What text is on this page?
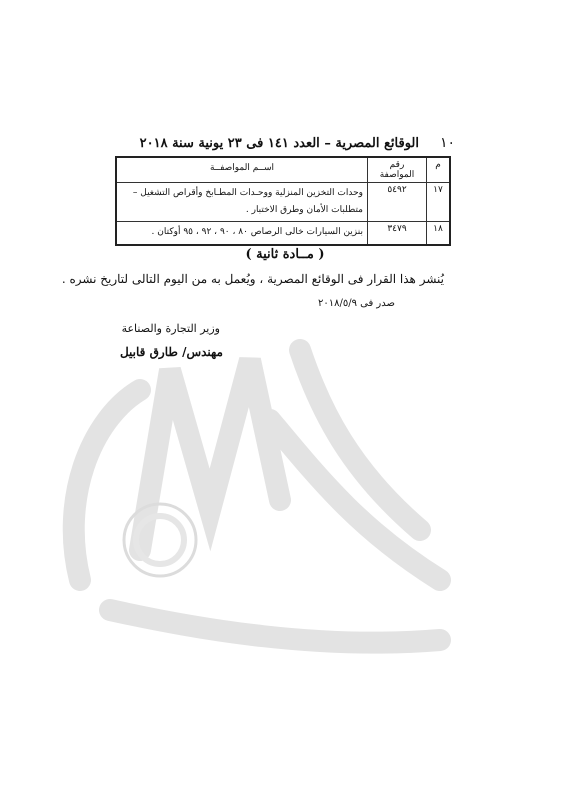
١٠
الوقائع المصرية – العدد ١٤١ فى ٢٣ يونية سنة ٢٠١٨
م	رقم المواصفة	اســم المواصفــة
١٧	٥٤٩٢	وحدات التخزين المنزلية ووحـدات المطـابخ وأقراص التشغيل – متطلبات الأمان وطرق الاختبار .
١٨	٣٤٧٩	بنزين السيارات خالى الرصاص ٨٠ ، ٩٠ ، ٩٢ ، ٩٥ أوكتان .
( مــادة ثانية )
يُنشر هذا القرار فى الوقائع المصرية ، ويُعمل به من اليوم التالى لتاريخ نشره .
صدر فى ٢٠١٨/٥/٩
وزير التجارة والصناعة
مهندس/ طارق قابيل
